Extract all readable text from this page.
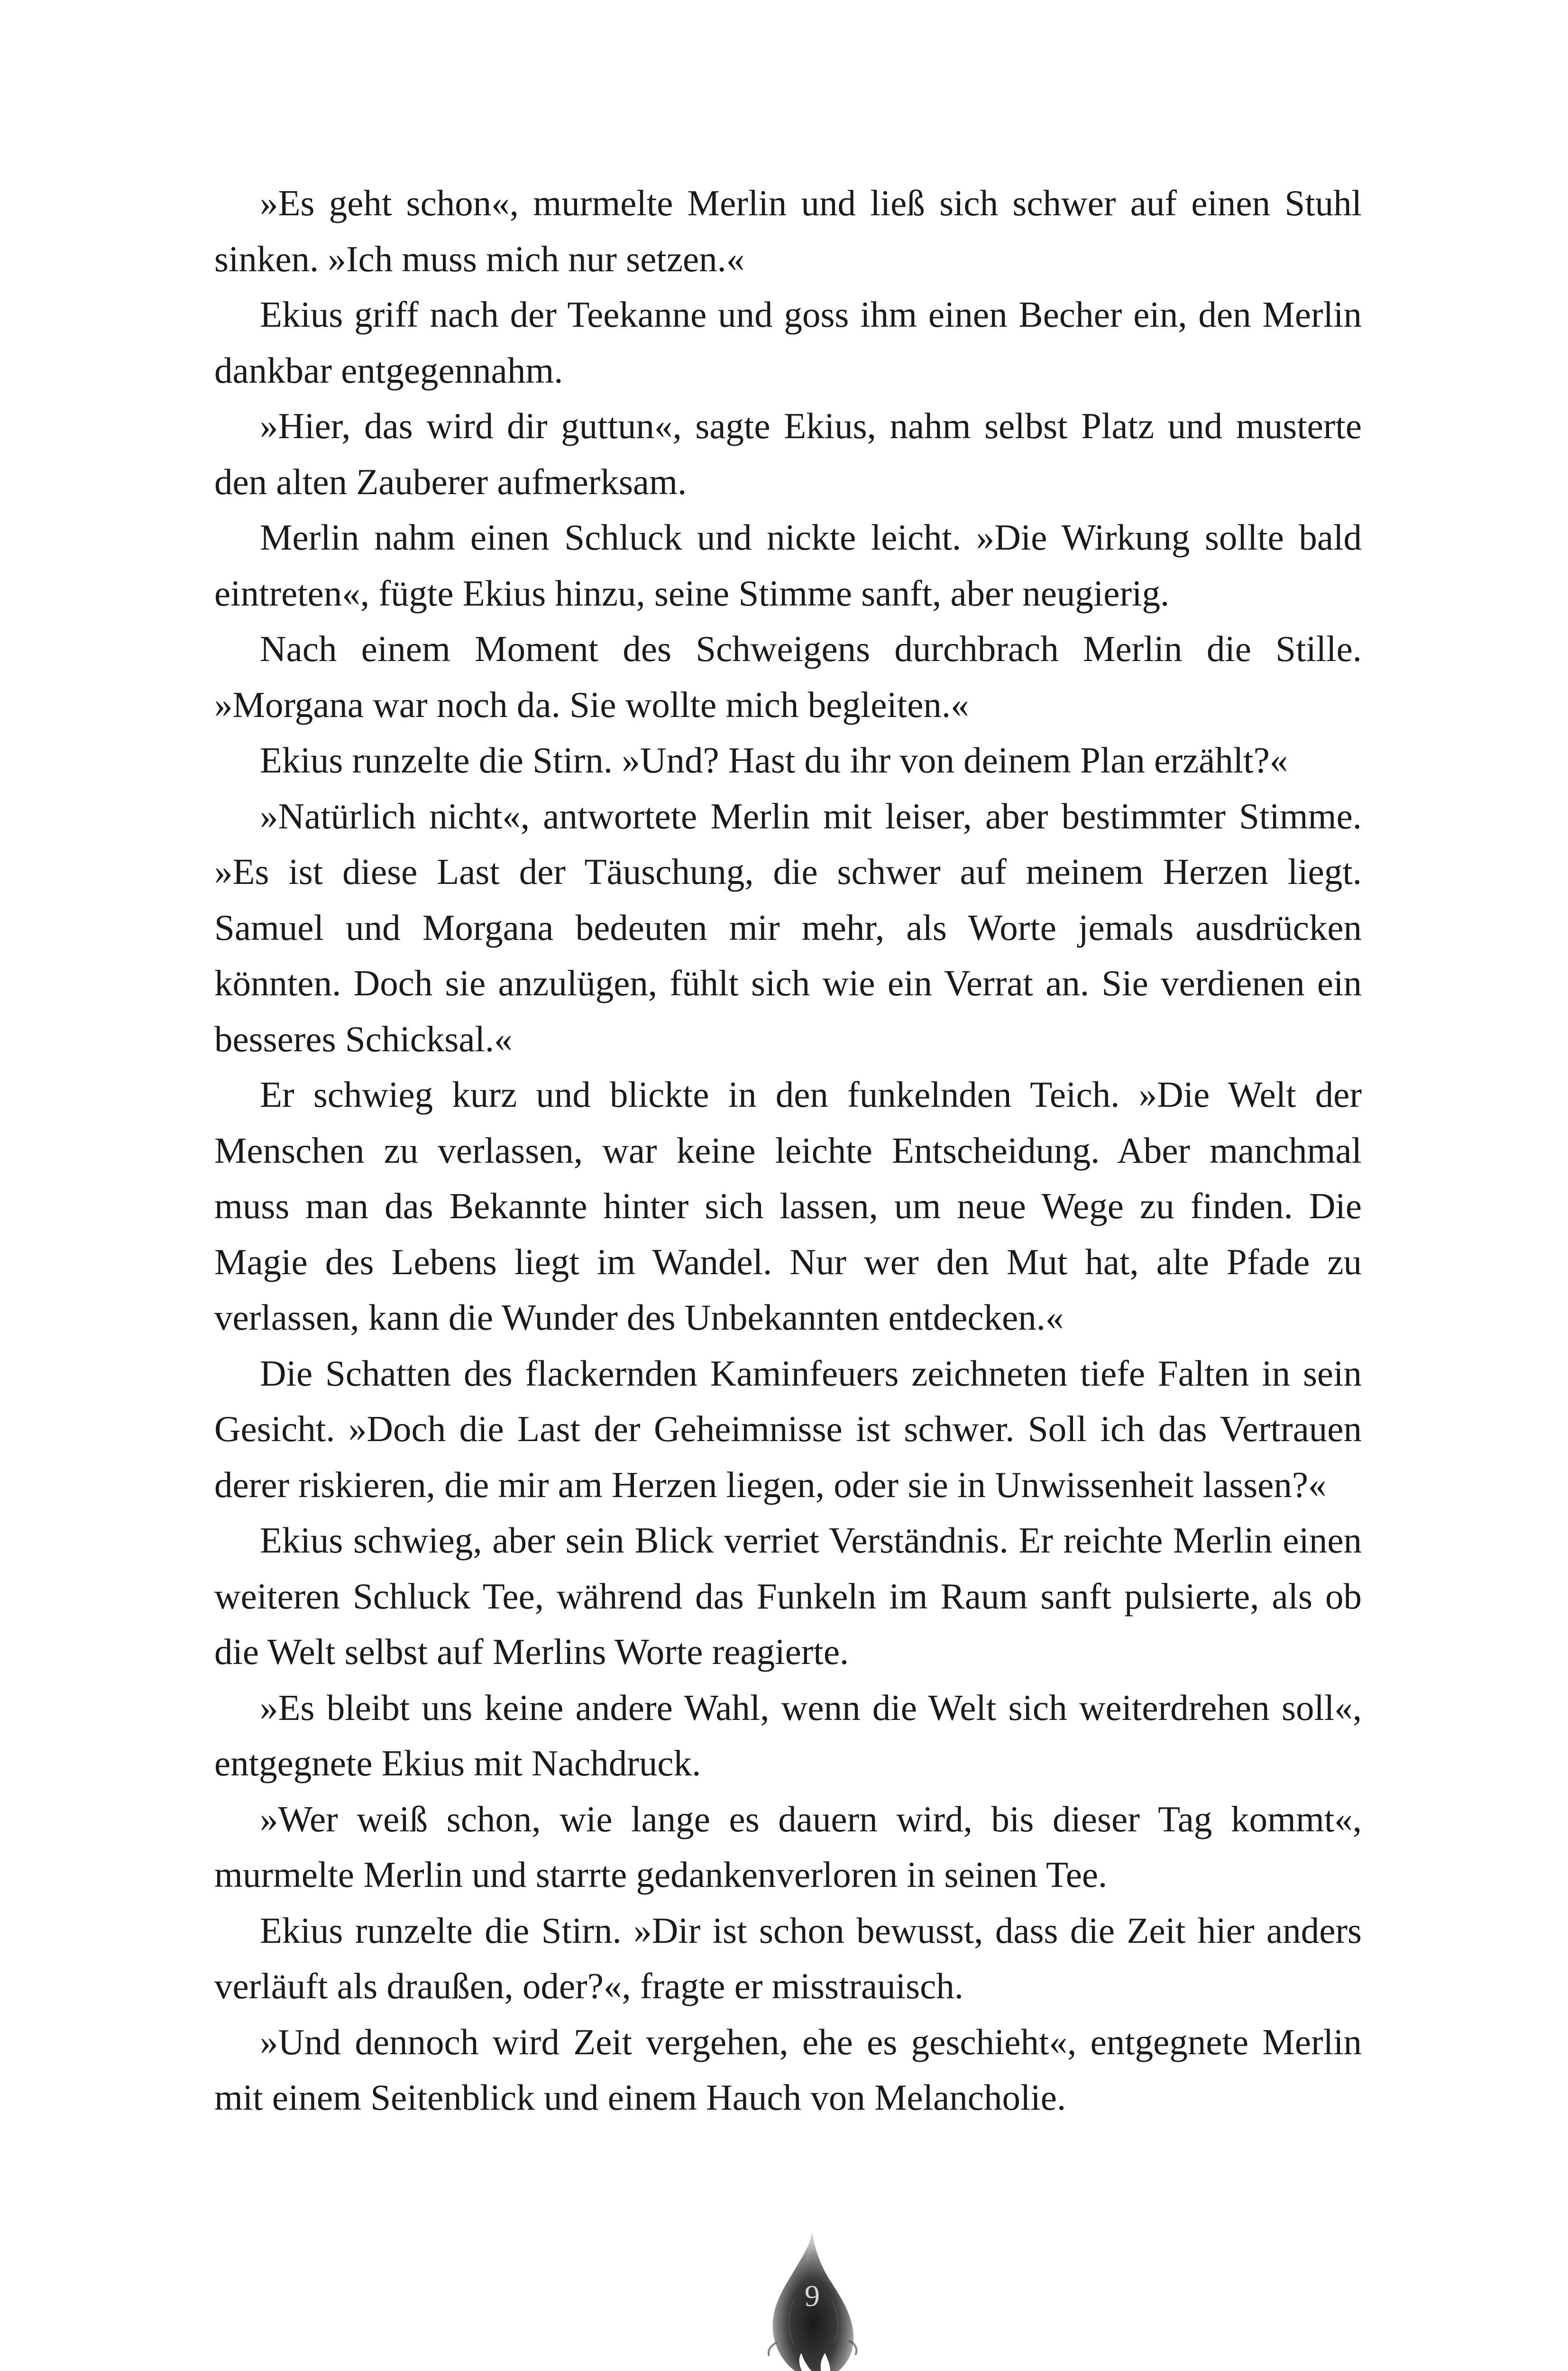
»Es geht schon«, murmelte Merlin und ließ sich schwer auf einen Stuhl sinken. »Ich muss mich nur setzen.«

Ekius griff nach der Teekanne und goss ihm einen Becher ein, den Merlin dankbar entgegennahm.

»Hier, das wird dir guttun«, sagte Ekius, nahm selbst Platz und musterte den alten Zauberer aufmerksam.

Merlin nahm einen Schluck und nickte leicht. »Die Wirkung sollte bald eintreten«, fügte Ekius hinzu, seine Stimme sanft, aber neugierig.

Nach einem Moment des Schweigens durchbrach Merlin die Stille. »Morgana war noch da. Sie wollte mich begleiten.«

Ekius runzelte die Stirn. »Und? Hast du ihr von deinem Plan erzählt?«

»Natürlich nicht«, antwortete Merlin mit leiser, aber bestimmter Stimme. »Es ist diese Last der Täuschung, die schwer auf meinem Herzen liegt. Samuel und Morgana bedeuten mir mehr, als Worte jemals ausdrücken könnten. Doch sie anzulügen, fühlt sich wie ein Verrat an. Sie verdienen ein besseres Schicksal.«

Er schwieg kurz und blickte in den funkelnden Teich. »Die Welt der Menschen zu verlassen, war keine leichte Entscheidung. Aber manchmal muss man das Bekannte hinter sich lassen, um neue Wege zu finden. Die Magie des Lebens liegt im Wandel. Nur wer den Mut hat, alte Pfade zu verlassen, kann die Wunder des Unbekannten entdecken.«

Die Schatten des flackernden Kaminfeuers zeichneten tiefe Falten in sein Gesicht. »Doch die Last der Geheimnisse ist schwer. Soll ich das Vertrauen derer riskieren, die mir am Herzen liegen, oder sie in Unwissenheit lassen?«

Ekius schwieg, aber sein Blick verriet Verständnis. Er reichte Merlin einen weiteren Schluck Tee, während das Funkeln im Raum sanft pulsierte, als ob die Welt selbst auf Merlins Worte reagierte.

»Es bleibt uns keine andere Wahl, wenn die Welt sich weiterdrehen soll«, entgegnete Ekius mit Nachdruck.

»Wer weiß schon, wie lange es dauern wird, bis dieser Tag kommt«, murmelte Merlin und starrte gedankenverloren in seinen Tee.

Ekius runzelte die Stirn. »Dir ist schon bewusst, dass die Zeit hier anders verläuft als draußen, oder?«, fragte er misstrauisch.

»Und dennoch wird Zeit vergehen, ehe es geschieht«, entgegnete Merlin mit einem Seitenblick und einem Hauch von Melancholie.

9
